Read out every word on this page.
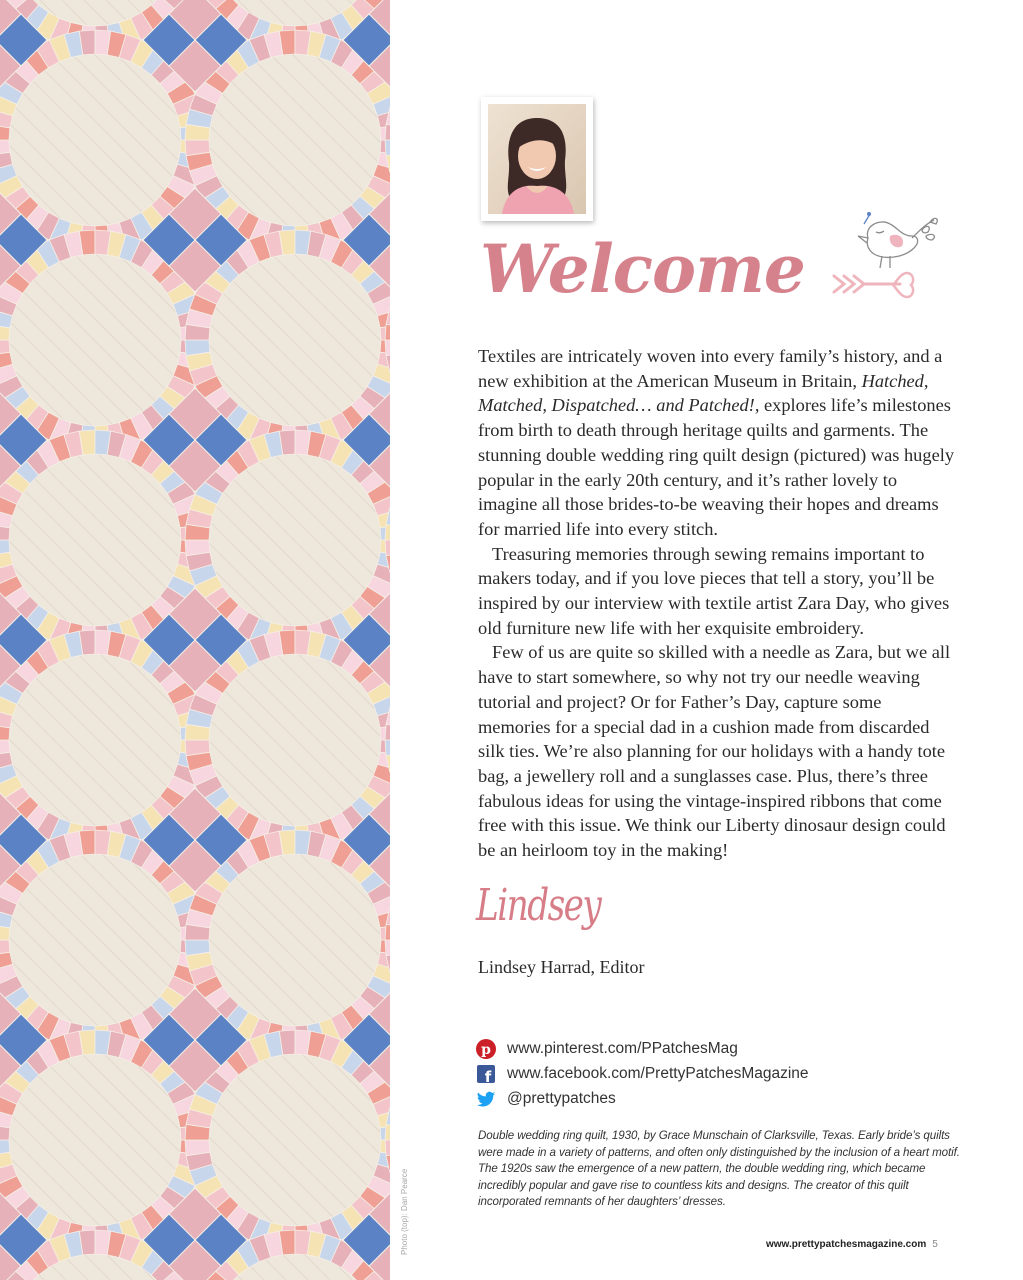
Photo (top): Dan Pearce
Welcome

Textiles are intricately woven into every family’s history, and a new exhibition at the American Museum in Britain, Hatched, Matched, Dispatched… and Patched!, explores life’s milestones from birth to death through heritage quilts and garments. The stunning double wedding ring quilt design (pictured) was hugely popular in the early 20th century, and it’s rather lovely to imagine all those brides-to-be weaving their hopes and dreams for married life into every stitch.

Treasuring memories through sewing remains important to makers today, and if you love pieces that tell a story, you’ll be inspired by our interview with textile artist Zara Day, who gives old furniture new life with her exquisite embroidery.

Few of us are quite so skilled with a needle as Zara, but we all have to start somewhere, so why not try our needle weaving tutorial and project? Or for Father’s Day, capture some memories for a special dad in a cushion made from discarded silk ties. We’re also planning for our holidays with a handy tote bag, a jewellery roll and a sunglasses case. Plus, there’s three fabulous ideas for using the vintage-inspired ribbons that come free with this issue. We think our Liberty dinosaur design could be an heirloom toy in the making!

Lindsey
Lindsey Harrad, Editor
p www.pinterest.com/PPatchesMag
f www.facebook.com/PrettyPatchesMagazine
@prettypatches
Double wedding ring quilt, 1930, by Grace Munschain of Clarksville, Texas. Early bride’s quilts were made in a variety of patterns, and often only distinguished by the inclusion of a heart motif. The 1920s saw the emergence of a new pattern, the double wedding ring, which became incredibly popular and gave rise to countless kits and designs. The creator of this quilt incorporated remnants of her daughters’ dresses.
www.prettypatchesmagazine.com 5
